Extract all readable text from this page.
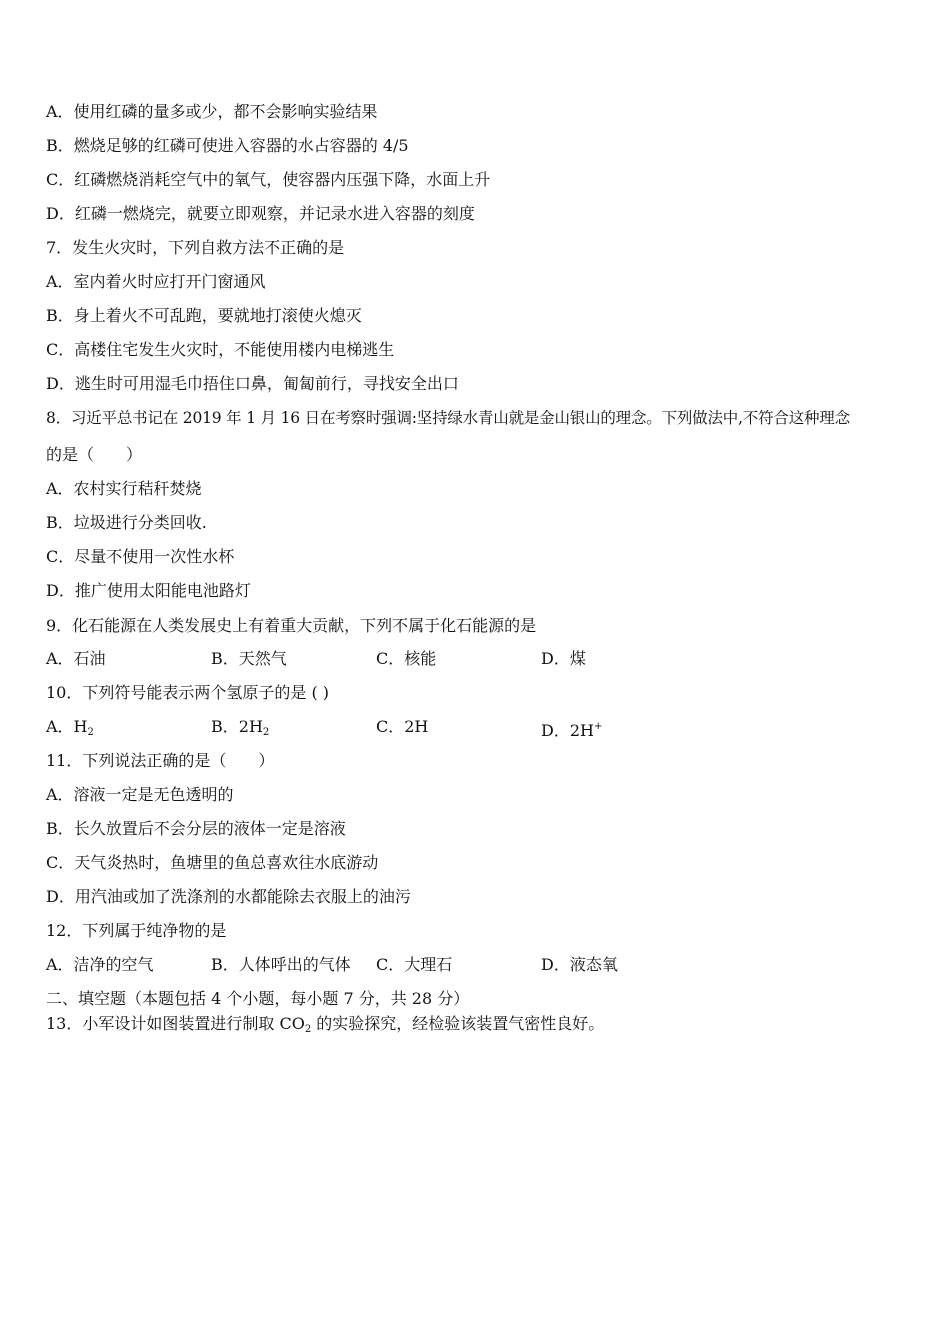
A．使用红磷的量多或少，都不会影响实验结果
B．燃烧足够的红磷可使进入容器的水占容器的 4/5
C．红磷燃烧消耗空气中的氧气，使容器内压强下降，水面上升
D．红磷一燃烧完，就要立即观察，并记录水进入容器的刻度
7．发生火灾时，下列自救方法不正确的是
A．室内着火时应打开门窗通风
B．身上着火不可乱跑，要就地打滚使火熄灭
C．高楼住宅发生火灾时，不能使用楼内电梯逃生
D．逃生时可用湿毛巾捂住口鼻，匍匐前行，寻找安全出口
8．习近平总书记在 2019 年 1 月 16 日在考察时强调:坚持绿水青山就是金山银山的理念。下列做法中,不符合这种理念
的是（　　）
A．农村实行秸秆焚烧
B．垃圾进行分类回收.
C．尽量不使用一次性水杯
D．推广使用太阳能电池路灯
9．化石能源在人类发展史上有着重大贡献，下列不属于化石能源的是
A．石油	B．天然气	C．核能	D．煤
10．下列符号能表示两个氢原子的是 ( )
A．$H_2$	B．$2H_2$	C．2H	D．2H+
11．下列说法正确的是（　　）
A．溶液一定是无色透明的
B．长久放置后不会分层的液体一定是溶液
C．天气炎热时，鱼塘里的鱼总喜欢往水底游动
D．用汽油或加了洗涤剂的水都能除去衣服上的油污
12．下列属于纯净物的是
A．洁净的空气	B．人体呼出的气体	C．大理石	D．液态氧
二、填空题（本题包括 4 个小题，每小题 7 分，共 28 分）
13．小军设计如图装置进行制取 $CO_2$ 的实验探究，经检验该装置气密性良好。
